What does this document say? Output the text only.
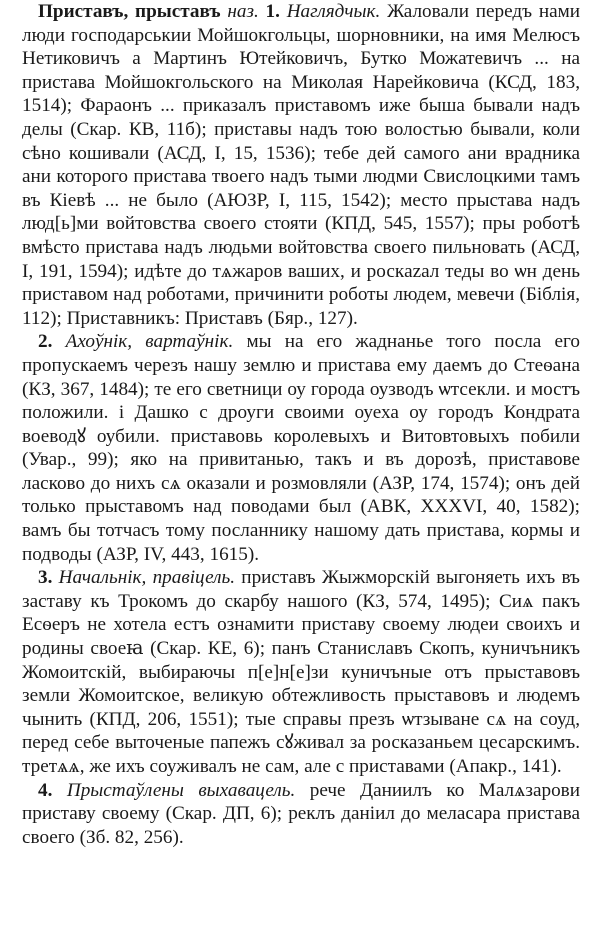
Приставъ, прыставъ наз. 1. Наглядчык. Жаловали передъ нами люди господарськии Мойшокгольцы, шорновники, на имя Мелюсъ Нетиковичъ а Мартинъ Ютейковичъ, Бутко Можатевичъ ... на пристава Мойшокгольского на Миколая Нарейковича (КСД, 183, 1514); Фараонъ ... приказалъ приставомъ иже быша бывали надъ делы (Скар. КВ, 11б); приставы надъ тою волостью бывали, коли сѣно кошивали (АСД, I, 15, 1536); тебе дей самого ани врадника ани которого пристава твоего надъ тыми людми Свислоцкими тамъ въ Кіевѣ ... не было (АЮЗР, I, 115, 1542); место прыстава надъ люд[ь]ми войтовства своего стояти (КПД, 545, 1557); пры роботѣ вмѣсто пристава надъ людьми войтовства своего пильновать (АСД, I, 191, 1594); идѣте до тѧжаров ваших, и роскazaл теды во ѡн день приставом над роботами, причинити роботы людем, мевечи (Біблія, 112); Приставникъ: Приставъ (Бяр., 127).

2. Ахоўнік, вартаўнік. мы на его жаднанье того посла его пропускаемъ черезъ нашу землю и пристава ему даемъ до Стеѳана (КЗ, 367, 1484); те его светници оу города оузводъ ѡтсекли. и мостъ положили. і Дашко с дроуги своими оуеха оу городъ Кондрата воеводꙋ оубили. приставовь королевыхъ и Витовтовыхъ побили (Увар., 99); яко на привитанью, такъ и въ дорозѣ, приставове ласково до нихъ сѧ оказали и розмовляли (АЗР, 174, 1574); онъ дей только прыставомъ над поводами был (АВК, XXXVI, 40, 1582); вамъ бы тотчасъ тому посланнику нашому дать пристава, кормы и подводы (АЗР, IV, 443, 1615).

3. Начальнік, правіцель. приставъ Жыжморскій выгоняеть ихъ въ заставу къ Трокомъ до скарбу нашого (КЗ, 574, 1495); Сиѧ пакъ Есѳеръ не хотела естъ ознамити приставу своему людеи своихъ и родины своеꙗ (Скар. КЕ, 6); панъ Станиславъ Скопъ, куничъникъ Жомоитскій, выбираючы п[е]н[е]зи куничъные отъ прыставовъ земли Жомоитское, великую обтежливость прыставовъ и людемъ чынить (КПД, 206, 1551); тые справы презъ ѡтзыване сѧ на соуд, перед себе выточеные папежъ сꙋживал за росказаньем цесарскимъ. третѧѧ, же ихъ соуживалъ не сам, але с приставами (Апакр., 141).

4. Прыстаўлены выхавацель. рече Даниилъ ко Малѧзарови приставу своему (Скар. ДП, 6); реклъ даніил до меласара пристава своего (Зб. 82, 256).
